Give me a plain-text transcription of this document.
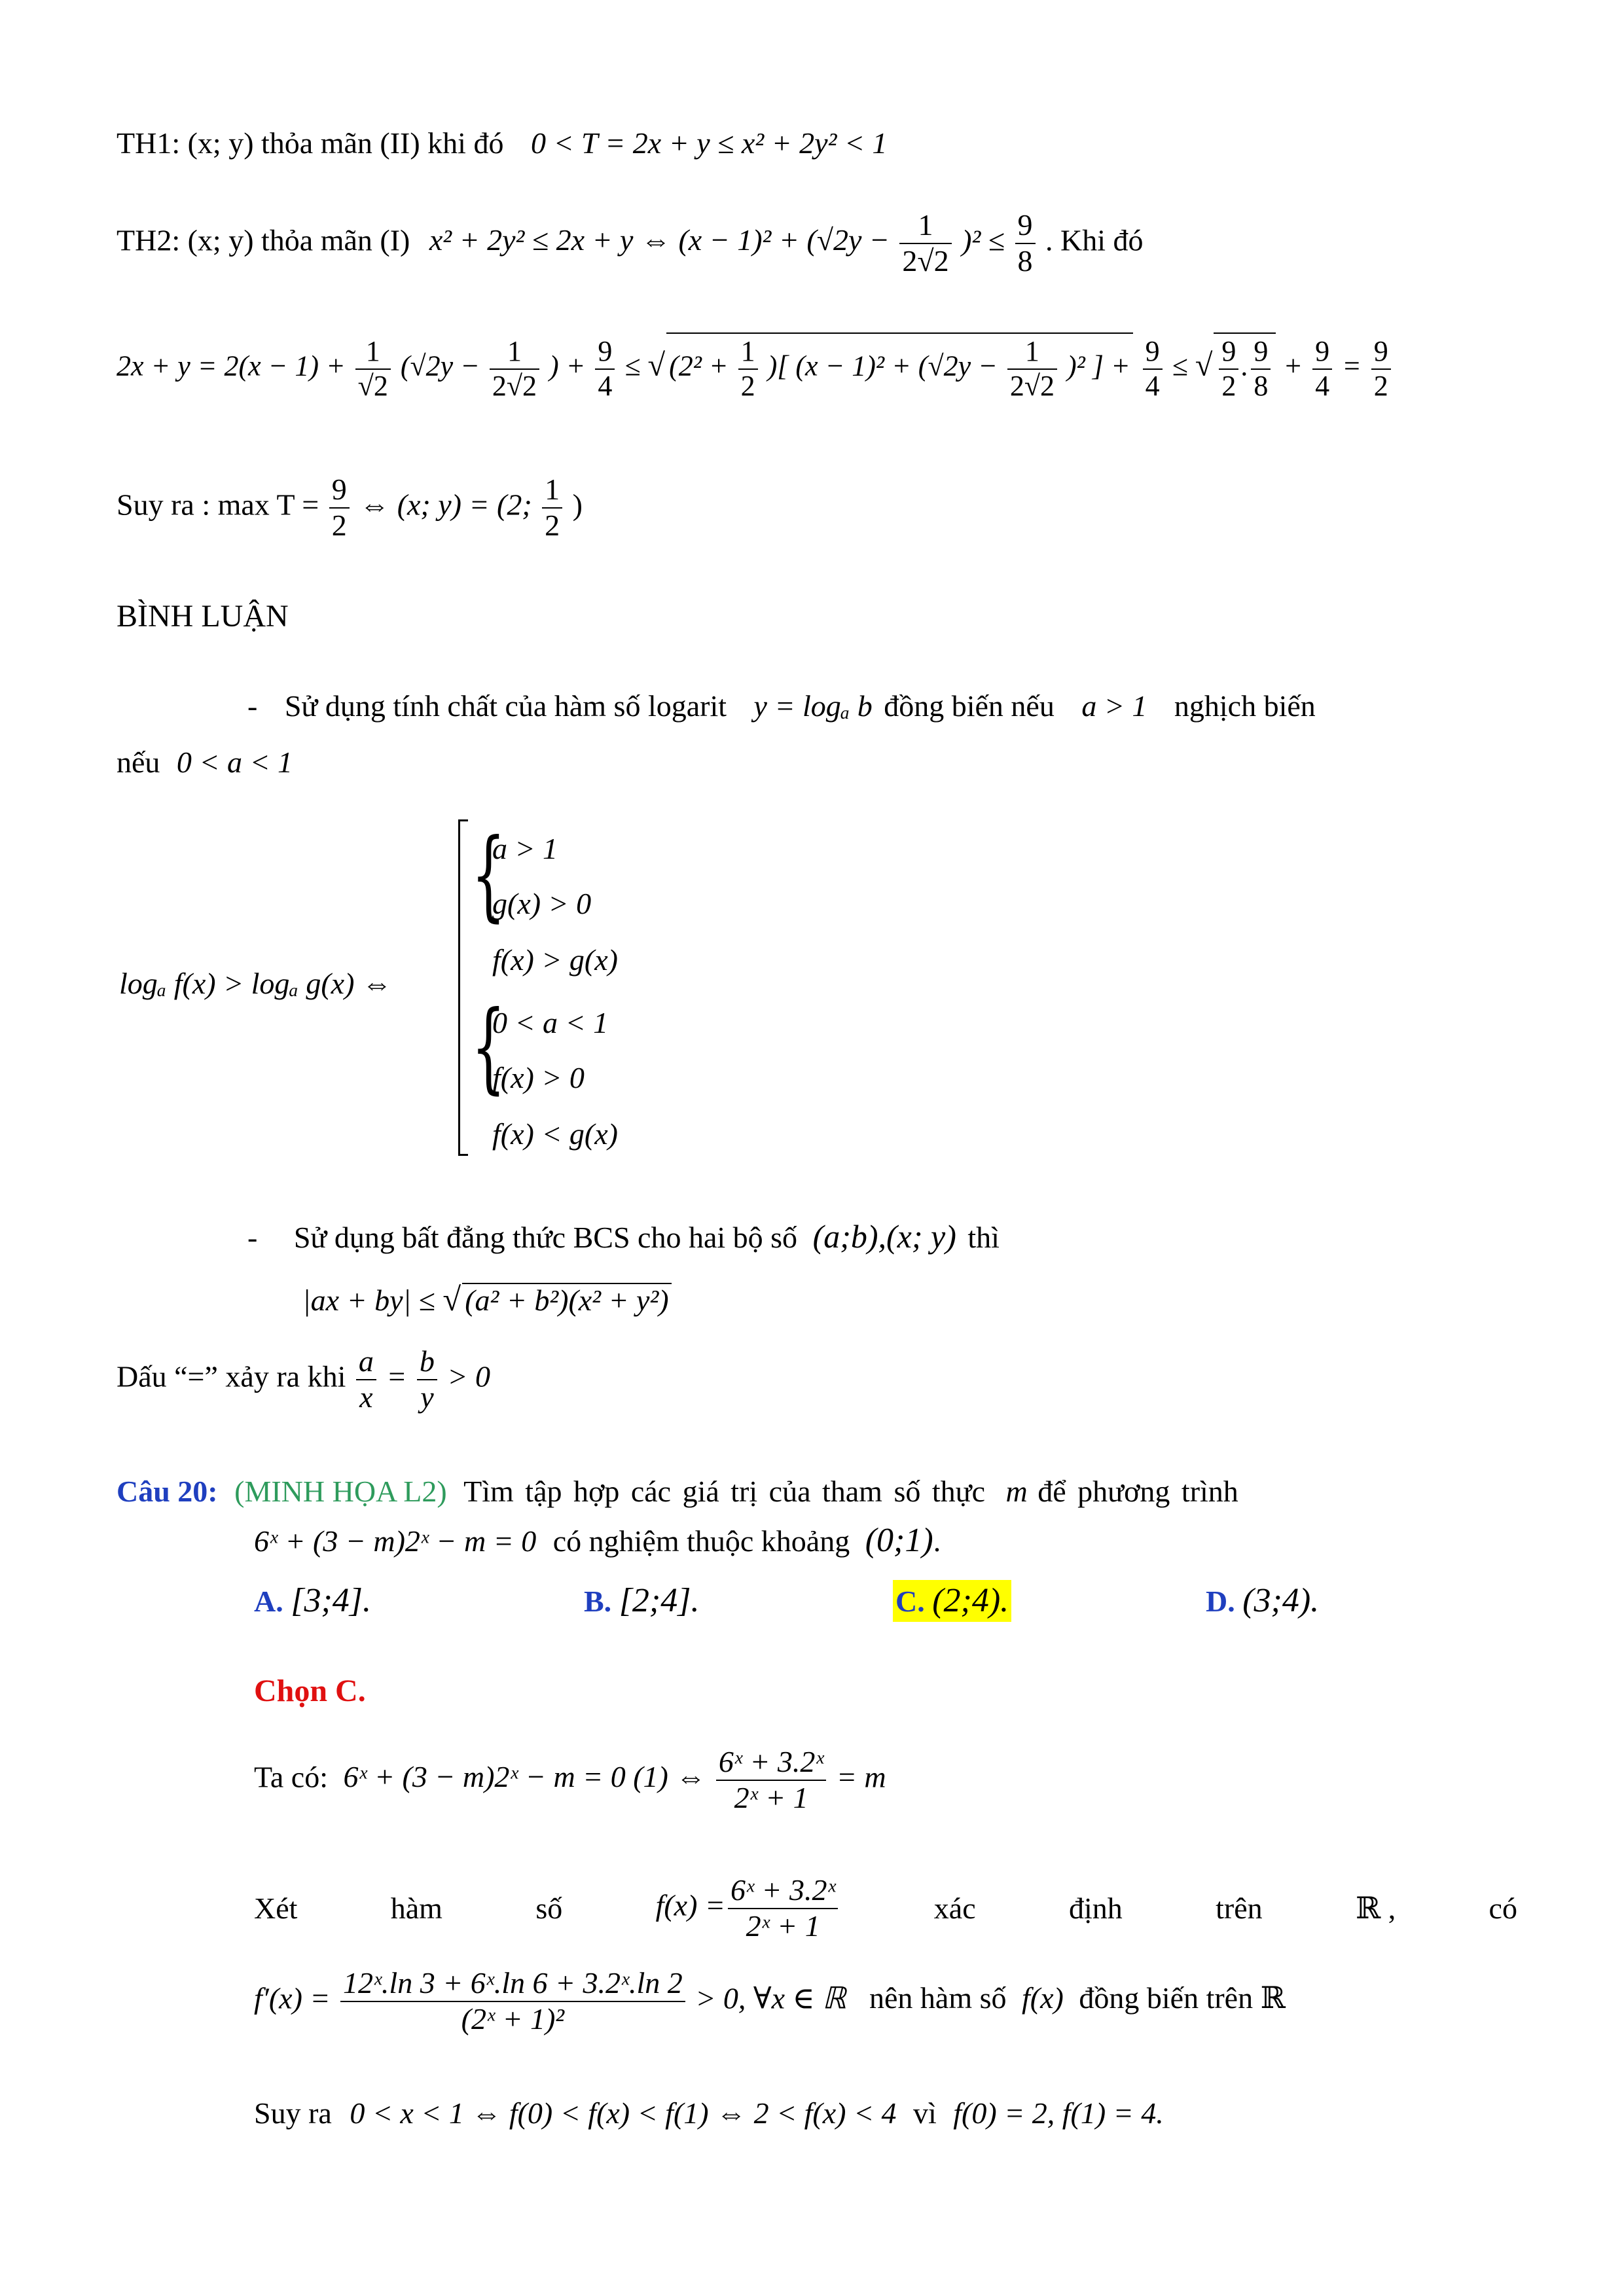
TH1: (x; y) thỏa mãn (II) khi đó 0 < T = 2x + y ≤ x² + 2y² < 1
TH2: (x; y) thỏa mãn (I) x² + 2y² ≤ 2x + y ⇔ $(x - 1)^2 + (√2y - \frac{1}{2√2} )^2 \le \frac{9}{8}$ . Khi đó
$2x + y = 2(x - 1) + \frac{1}{√2} (√2y - \frac{1}{2√2}$ ) + $\frac{9}{4}$ ≤ √ ($2^2 + \frac{1}{2}$ )[ $(x - 1)^2 + (√2y - \frac{1}{2√2} )^2$ ] + $\frac{9}{4}$ ≤ √ $\frac{9}{2}$ . $\frac{9}{8} + \frac{9}{4} = \frac{9}{2}$
Suy ra : $\max T = \frac{9}{2}$ ⇔ (x; y) = (2; $\frac{1}{2}$ )
BÌNH LUẬN
- Sử dụng tính chất của hàm số logarit y = logₐ b đồng biến nếu a > 1 nghịch biến
nếu 0 < a < 1
logₐ f(x) > logₐ g(x) ⇔
{
{
a > 1
g(x) > 0
f(x) > g(x)
0 < a < 1
f(x) > 0
f(x) < g(x)
- Sử dụng bất đẳng thức BCS cho hai bộ số (a;b),(x; y) thì
|ax + by| ≤ √ (a² + b²)(x² + y²)
Dấu “=” xảy ra khi $\frac{a}{x} = \frac{b}{y} > 0$
Câu 20: (MINH HỌA L2) Tìm tập hợp các giá trị của tham số thực m để phương trình
6ˣ + (3 − m)2ˣ − m = 0 có nghiệm thuộc khoảng (0;1).
A. [3;4].	B. [2;4].	C. (2;4).	D. (3;4).
Chọn C.
Ta có: 6ˣ + (3 − m)2ˣ − m = 0 (1) ⇔ $\frac{\text{6ˣ + 3.2ˣ}}{\text{2ˣ + 1}} = m$
Xét	hàm	số	$f(x) = \frac{\text{6ˣ + 3.2ˣ}}{\text{2ˣ + 1}}$	xác	định	trên	ℝ ,	có
$f'(x) = \frac{\text{12ˣ.ln 3 + 6ˣ.ln 6 + 3.2ˣ.ln 2}}{\text{(2ˣ + 1)²}} > 0$, ∀x ∈ ℝ nên hàm số f(x) đồng biến trên ℝ
Suy ra 0 < x < 1 ⇔ f(0) < f(x) < f(1) ⇔ 2 < f(x) < 4 vì f(0) = 2, f(1) = 4.
